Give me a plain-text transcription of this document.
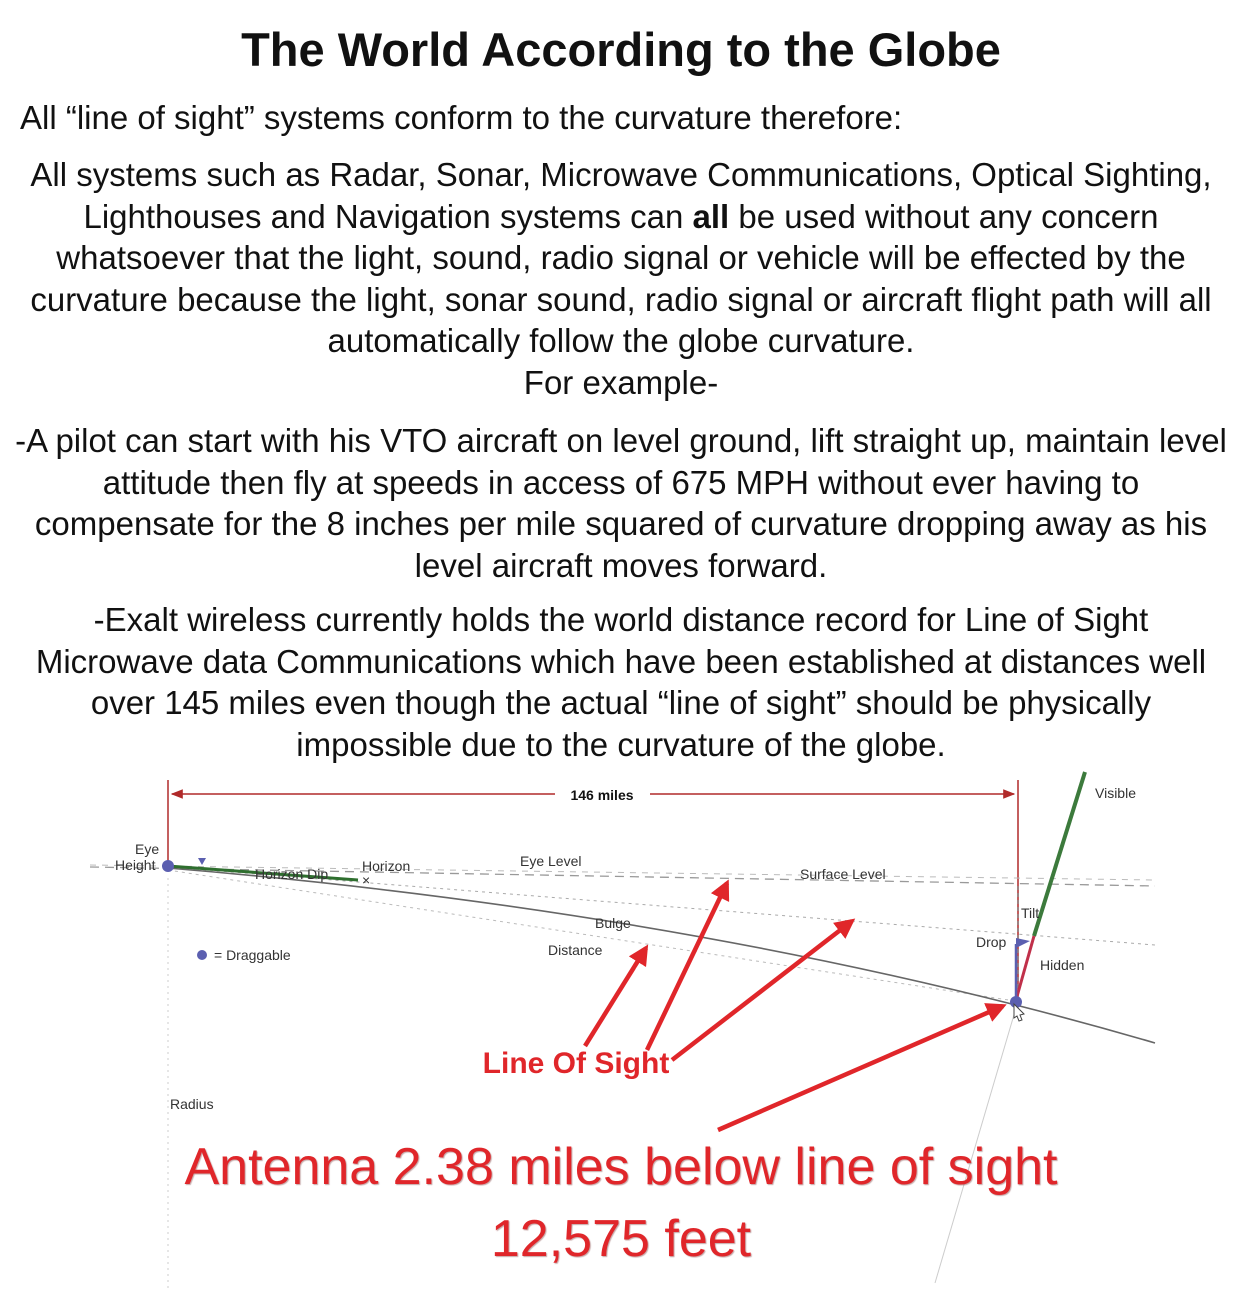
The World According to the Globe
All “line of sight” systems conform to the curvature therefore:
All systems such as Radar, Sonar, Microwave Communications, Optical Sighting, Lighthouses and Navigation systems can all be used without any concern whatsoever that the light, sound, radio signal or vehicle will be effected by the curvature because the light, sonar sound, radio signal or aircraft flight path will all automatically follow the globe curvature.
For example-
-A pilot can start with his VTO aircraft on level ground, lift straight up, maintain level attitude then fly at speeds in access of 675 MPH without ever having to compensate for the 8 inches per mile squared of curvature dropping away as his level aircraft moves forward.
-Exalt wireless currently holds the world distance record for Line of Sight Microwave data Communications which have been established at distances well over 145 miles even though the actual “line of sight” should be physically impossible due to the curvature of the globe.
146 miles
×
Visible
Eye
Height
Horizon Dip Horizon	Eye Level
Surface Level
Bulge
Distance
Tilt
Drop
Hidden
= Draggable
Radius
Line Of Sight
Antenna 2.38 miles below line of sight
12,575 feet
